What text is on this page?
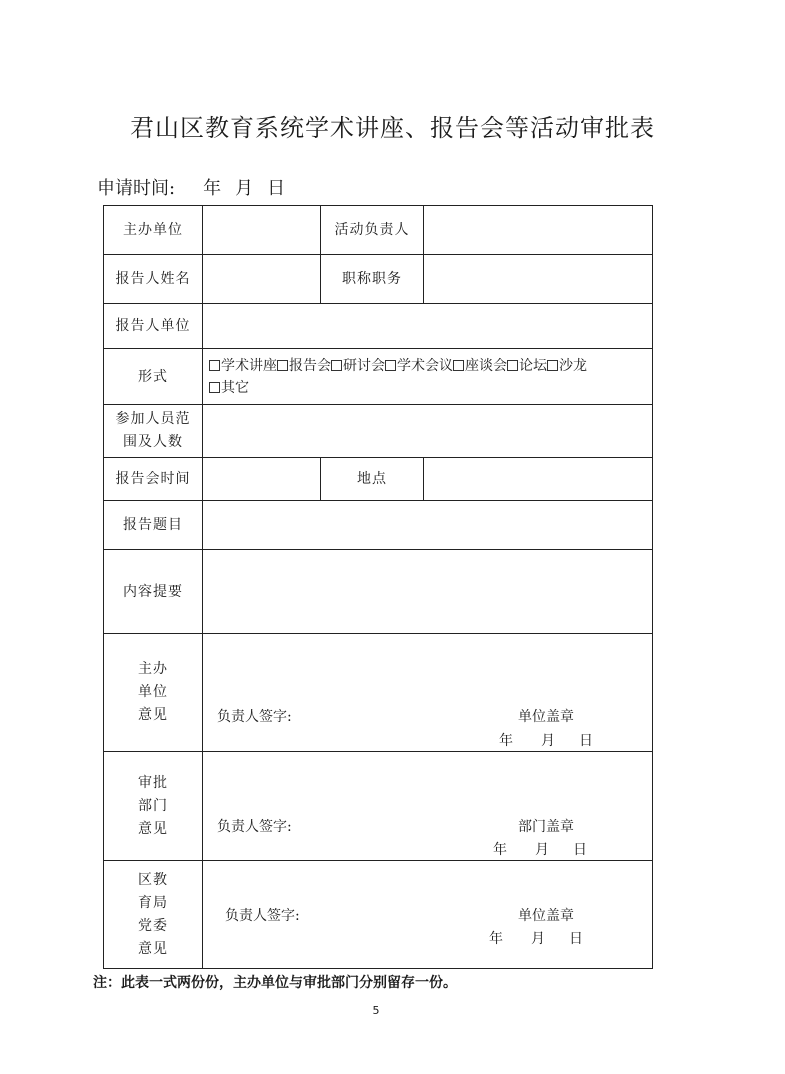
君山区教育系统学术讲座、报告会等活动审批表
申请时间: 年 月 日
主办单位		活动负责人	
报告人姓名		职称职务	
报告人单位			
形式	学术讲座 报告会 研讨会 学术会议 座谈会 论坛 沙龙
其它		
参加人员范
围及人数			
报告会时间		地点	
报告题目			
内容提要			
主办
单位
意见	负责人签字: 单位盖章
年 月 日		

审批
部门
意见	负责人签字: 部门盖章
年 月 日		

区教
育局
党委
意见	负责人签字: 单位盖章
年 月 日		
注：此表一式两份份，主办单位与审批部门分别留存一份。
5
